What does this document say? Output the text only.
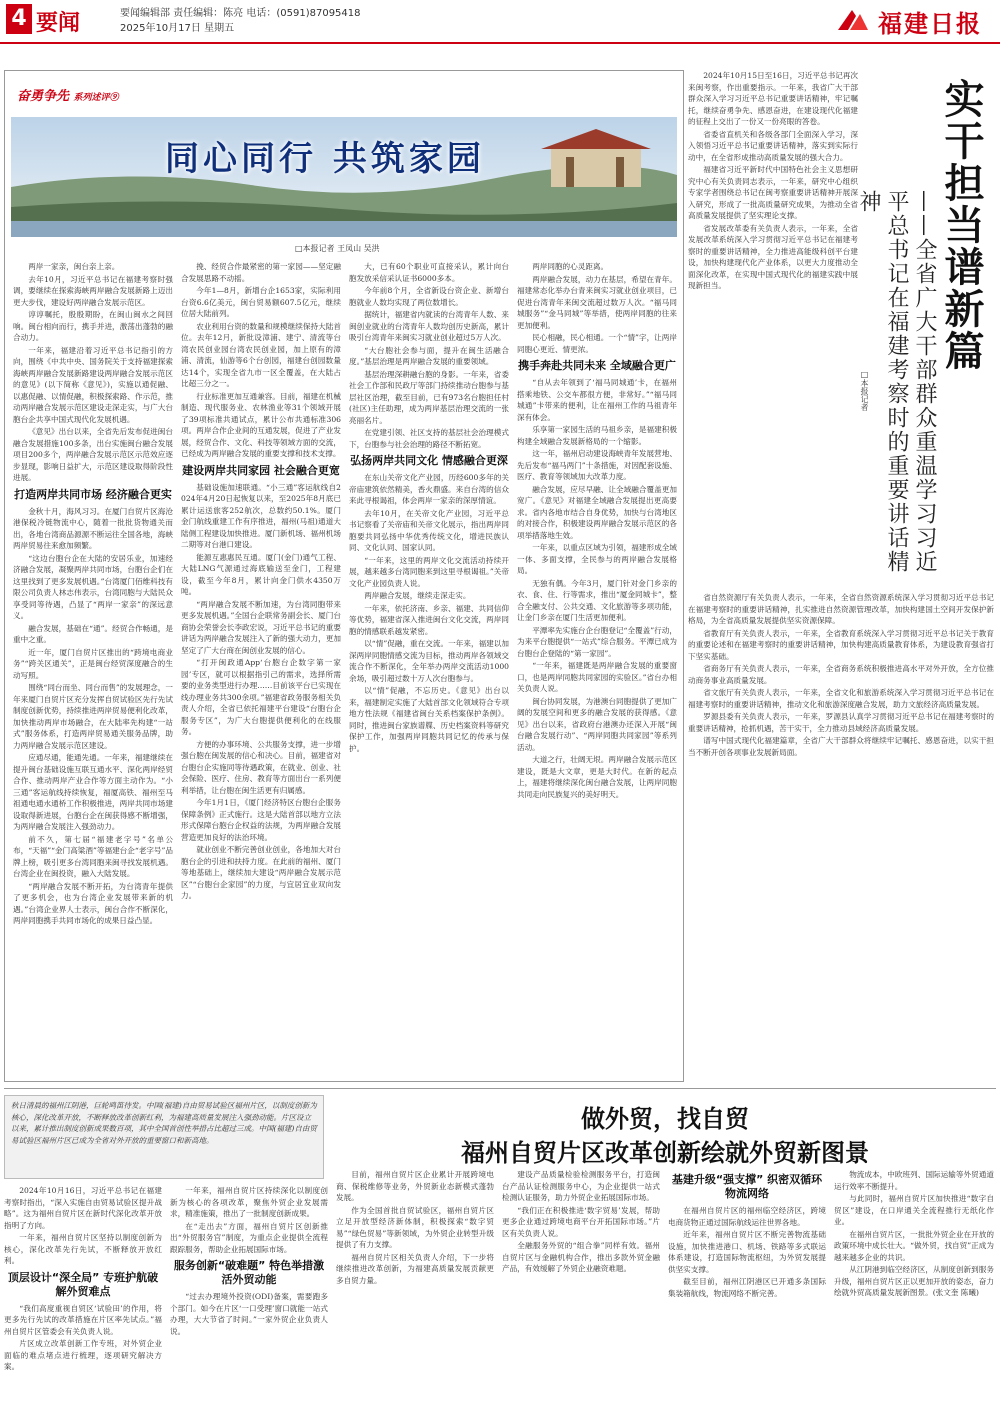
4 要闻	要闻编辑部 责任编辑：陈亮 电话：(0591)87095418
2025年10月17日 星期五	福建日报
奋勇争先 系列述评⑨
同心同行 共筑家园
□本报记者 王凤山 吴洪

两岸一家亲，闽台亲上亲。

去年10月，习近平总书记在福建考察时强调，要继续在探索海峡两岸融合发展新路上迈出更大步伐，建设好两岸融合发展示范区。

谆谆嘱托，殷殷期盼，在闽山闽水之间回响。闽台相向而行，携手并进，激荡出蓬勃的融合动力。

一年来，福建沿着习近平总书记指引的方向，围绕《中共中央、国务院关于支持福建探索海峡两岸融合发展新路建设两岸融合发展示范区的意见》(以下简称《意见》)，实施以通促融、以惠促融、以情促融，积极探索路、作示范，推动两岸融合发展示范区建设走深走实，与广大台胞台企共享中国式现代化发展机遇。

《意见》出台以来，全省先后发布促进闽台融合发展措施100多条，出台实施闽台融合发展项目200多个，两岸融合发展示范区示范效应逐步显现，影响日益扩大，示范区建设取得阶段性进展。

打造两岸共同市场 经济融合更实

金秋十月，海风习习。在厦门自贸片区海沧港保税冷链物流中心，随着一批批货物通关而出，各地台湾商品源源不断运往全国各地，海峡两岸贸易往来愈加频繁。

“这边台胞台企在大陆的安居乐业，加速经济融合发展，凝聚两岸共同市场，台胞台企们在这里找到了更多发展机遇。”台湾厦门佰维科技有限公司负责人林志伟表示，台湾同胞与大陆民众享受同等待遇，凸显了“两岸一家亲”的深远意义。

融合发展，基础在“通”。经贸合作畅通，是重中之重。

近一年，厦门自贸片区推出的“跨境电商业务”“跨关区通关”，正是闽台经贸深度融合的生动写照。

围绕“同台而坐、同台而售”的发展理念，一年来厦门自贸片区充分发挥自贸试验区先行先试制度创新优势，持续推进两岸贸易便利化改革，加快推动两岸市场融合，在大陆率先构建“一站式”服务体系，打造两岸贸易通关服务品牌，助力两岸融合发展示范区建设。

应通尽通，能通先通。一年来，福建继续在提升闽台基础设施互联互通水平、深化两岸经贸合作、推动两岸产业合作等方面主动作为。“小三通”客运航线持续恢复，福厦高铁、福州至马祖通电通水通桥工作积极推进，两岸共同市场建设取得新进展，台胞台企在闽获得感不断增强，为两岸融合发展注入强劲动力。

前不久，第七届“福建老字号”名单公布，“天福”“金门高粱酒”等福建台企“老字号”品牌上榜，吸引更多台湾同胞来闽寻找发展机遇。台湾企业在闽投资，融入大陆发展。

“两岸融合发展不断开拓，为台湾青年提供了更多机会，也为台湾企业发展带来新的机遇。”台湾企业界人士表示，闽台合作不断深化，两岸同胞携手共同市场化的成果日益凸显。

挽、经贸合作最紧密的第一家园——坚定融合发展思路不动摇。

今年1—8月，新增台企1653家，实际利用台资6.6亿美元，闽台贸易额607.5亿元，继续位居大陆前列。

农业利用台资的数量和规模继续保持大陆首位。去年12月，新批设漳浦、建宁、清流等台湾农民创业园台湾农民创业园，加上原有的漳浦、清流，仙游等6个台创园，福建台创园数量达14个，实现全省九市一区全覆盖，在大陆占比超三分之一。

行业标准更加互通兼容。目前，福建在机械制造、现代服务业、农林渔业等31个领域开展了39项标准共通试点，累计公布共通标准306项。两岸合作企业间的互通发展，促进了产业发展，经贸合作、文化、科技等领域方面的交流，已经成为两岸融合发展的重要支撑和技术支撑。

建设两岸共同家园 社会融合更宽

基础设施加速联通。“小三通”客运航线自2024年4月20日起恢复以来，至2025年8月底已累计运送旅客252航次，总数约50.1%。厦门金门航线重建工作有序推进，福州(马祖)通道大陆侧工程建设加快推进。厦门新机场、福州机场二期等对台港口建设。

能源互惠惠民互通。厦门(金门)通气工程、大陆LNG气源通过海底输送至金门，工程建设，截至今年8月，累计向金门供水4350万吨。

“两岸融合发展不断加速，为台湾同胞带来更多发展机遇。”全国台企联常务副会长、厦门台商协会荣誉会长李政宏说，习近平总书记的重要讲话为两岸融合发展注入了新的强大动力，更加坚定了广大台商在闽创业发展的信心。

“打开闽政通App‘台胞台企数字第一家园’专区，就可以根据指引己的需求，选择所需要的业务类型进行办理……目前该平台已实现在线办理业务共300余项。”福建省政务服务相关负责人介绍，全省已依托福建平台建设“台胞台企服务专区”，为广大台胞提供便利化的在线服务。

方便的办事环境、公共服务支撑，进一步增强台胞在闽发展的信心和决心。目前，福建省对台胞台企实施同等待遇政策，在就业、创业、社会保险、医疗、住房、教育等方面出台一系列便利举措，让台胞在闽生活更有归属感。

今年1月1日，《厦门经济特区台胞台企服务保障条例》正式施行。这是大陆首部以地方立法形式保障台胞台企权益的法规，为两岸融合发展营造更加良好的法治环境。

就业创业不断完善创业创业，各地加大对台胞台企的引进和扶持力度。在此前的福州、厦门等地基础上，继续加大建设“两岸融合发展示范区”“台胞台企家园”的力度，与宜居宜业双向发力。

大，已有60个职业可直接采认，累计向台胞发放采信采认证书6000多本。

今年前8个月，全省新设台资企业、新增台胞就业人数均实现了两位数增长。

据统计，福建省内就读的台湾青年人数、来闽创业就业的台湾青年人数均创历史新高，累计吸引台湾青年来闽实习就业创业超过5万人次。

“大台胞社会参与面，提升在闽生活融合度。”基层治理是两岸融合发展的重要领域。

基层治理深耕融台胞的身影。一年来，省委社会工作部和民政厅等部门持续推动台胞参与基层社区治理，截至目前，已有973名台胞担任村(社区)主任助理，成为两岸基层治理交流的一张亮丽名片。

在党建引领、社区支持的基层社会治理模式下，台胞参与社会治理的路径不断拓宽。

弘扬两岸共同文化 情感融合更深

在东山关帝文化产业园，历经600多年的关帝庙建筑依然精美，香火鼎盛。来自台湾的信众来此寻根谒祖，体会两岸一家亲的深厚情谊。

去年10月，在关帝文化产业园，习近平总书记察看了关帝庙和关帝文化展示，指出两岸同胞要共同弘扬中华优秀传统文化，增进民族认同、文化认同、国家认同。

“一年来，这里的两岸文化交流活动持续开展，越来越多台湾同胞来到这里寻根谒祖。”关帝文化产业园负责人说。

两岸融合发展，继续走深走实。

一年来，依托济南、乡亲、福建、共同信仰等优势，福建省深入推进闽台文化交流，两岸同胞的情感联系越发紧密。

以“情”促融，重在交流。一年来，福建以加深两岸同胞情感交流为目标，推动两岸各领域交流合作不断深化，全年举办两岸交流活动1000余场，吸引超过数十万人次台胞参与。

以“情”促融，不忘历史。《意见》出台以来，福建制定实施了大陆首部文化领域符合专项地方性法规《福建省闽台关系档案保护条例》。同时，推进闽台家族谱牒、历史档案资料等研究保护工作，加强两岸同胞共同记忆的传承与保护。

两岸同胞的心灵距离。

两岸融合发展，动力在基层，希望在青年。福建常态化举办台青来闽实习就业创业项目，已促进台湾青年来闽交流超过数万人次。“福马同城服务”“金马同城”等举措，使两岸同胞的往来更加便利。

民心相融，民心相通。一个“情”字，让两岸同胞心更近、情更浓。

携手奔赴共同未来 全域融合更广

“自从去年领到了‘福马同城通’卡，在福州搭乘地铁、公交车都很方便，非常好。”“福马同城通”卡带来的便利，让在福州工作的马祖青年深有体会。

乐享第一家园生活的马祖乡亲，是福建积极构建全域融合发展新格局的一个缩影。

这一年，福州启动建设海峡青年发展营地、先后发布“福马两门”十条措施，对因配套设施、医疗、教育等领域加大改革力度。

融合发展，应尽早融、让全域融合覆盖更加宽广。《意见》对福建全域融合发展提出更高要求。省内各地市结合自身优势，加快与台湾地区的对接合作，积极建设两岸融合发展示范区的各项举措落地生效。

一年来，以重点区域为引领，福建形成全域一体、多面支撑，全民参与的两岸融合发展格局。

无独有偶。今年3月，厦门针对金门乡亲的衣、食、住、行等需求，推出“厦金同城卡”，整合全融支付、公共交通、文化旅游等多项功能，让金门乡亲在厦门生活更加便利。

平潭率先实施台企台胞登记“全覆盖”行动，为来平台胞提供“一站式”综合服务。平潭已成为台胞台企登陆的“第一家园”。

“一年来，福建既是两岸融合发展的重要窗口，也是两岸同胞共同家园的实验区。”省台办相关负责人说。

闽台协同发展，为港澳台同胞提供了更加广阔的发展空间和更多的融合发展的获得感。《意见》出台以来，省政府台港澳办还深入开展“闽台融合发展行动”、“两岸同胞共同家园”等系列活动。

大道之行，壮阔无垠。两岸融合发展示范区建设，既是大文章，更是大时代。在新的起点上，福建将继续深化闽台融合发展，让两岸同胞共同走向民族复兴的美好明天。

2024年10月15日至16日，习近平总书记再次来闽考察，作出重要指示。一年来，我省广大干部群众深入学习习近平总书记重要讲话精神，牢记嘱托，继续奋勇争先、感恩奋进，在建设现代化福建的征程上交出了一份又一份亮眼的答卷。

省委省直机关和各级各部门全面深入学习，深入领悟习近平总书记重要讲话精神，落实到实际行动中，在全省形成推动高质量发展的强大合力。

福建省习近平新时代中国特色社会主义思想研究中心有关负责同志表示，一年来，研究中心组织专家学者围绕总书记在闽考察重要讲话精神开展深入研究，形成了一批高质量研究成果，为推动全省高质量发展提供了坚实理论支撑。

省发展改革委有关负责人表示，一年来，全省发展改革系统深入学习贯彻习近平总书记在福建考察时的重要讲话精神，全力推进高能级科创平台建设，加快构建现代化产业体系，以更大力度推动全面深化改革，在实现中国式现代化的福建实践中展现新担当。	实干担当谱新篇
——全省广大干部群众重温学习习近平总书记在福建考察时的重要讲话精神
□本报记者

省自然资源厅有关负责人表示，一年来，全省自然资源系统深入学习贯彻习近平总书记在福建考察时的重要讲话精神，扎实推进自然资源管理改革，加快构建国土空间开发保护新格局，为全省高质量发展提供坚实资源保障。

省教育厅有关负责人表示，一年来，全省教育系统深入学习贯彻习近平总书记关于教育的重要论述和在福建考察时的重要讲话精神，加快构建高质量教育体系，为建设教育强省打下坚实基础。

省商务厅有关负责人表示，一年来，全省商务系统积极推进高水平对外开放，全方位推动商务事业高质量发展。

省文旅厅有关负责人表示，一年来，全省文化和旅游系统深入学习贯彻习近平总书记在福建考察时的重要讲话精神，推动文化和旅游深度融合发展，助力文旅经济高质量发展。

罗源县委有关负责人表示，一年来，罗源县认真学习贯彻习近平总书记在福建考察时的重要讲话精神，抢抓机遇，苦干实干，全力推动县域经济高质量发展。

谱写中国式现代化福建篇章，全省广大干部群众将继续牢记嘱托、感恩奋进，以实干担当不断开创各项事业发展新局面。

秋日清晨的福州江阴港，巨轮鸣笛待发。中国(福建)自由贸易试验区福州片区，以制度创新为核心，深化改革开放，不断释放改革创新红利，为福建高质量发展注入强劲动能。片区设立以来，累计推出制度创新成果数百项，其中全国首创性举措占比超过三成。中国(福建)自由贸易试验区福州片区已成为全省对外开放的重要窗口和新高地。
做外贸，找自贸
福州自贸片区改革创新绘就外贸新图景

2024年10月16日，习近平总书记在福建考察时指出，“深入实施自由贸易试验区提升战略”。这为福州自贸片区在新时代深化改革开放指明了方向。

一年来，福州自贸片区坚持以制度创新为核心，深化改革先行先试，不断释放开放红利。

顶层设计“深全局” 专班护航破解外贸难点

“我们高度重视自贸区‘试验田’的作用，将更多先行先试的改革措施在片区率先试点。”福州自贸片区管委会有关负责人说。

片区成立改革创新工作专班，对外贸企业面临的难点堵点进行梳理，逐项研究解决方案。

一年来，福州自贸片区持续深化以制度创新为核心的各项改革，聚焦外贸企业发展需求，精准施策，推出了一批制度创新成果。

在“走出去”方面，福州自贸片区创新推出“外贸服务官”制度，为重点企业提供全流程跟踪服务，帮助企业拓展国际市场。

服务创新“破难题” 特色举措激活外贸动能

“过去办理境外投资(ODI)备案，需要跑多个部门。如今在片区‘一口受理’窗口就能一站式办理，大大节省了时间。”一家外贸企业负责人说。

目前，福州自贸片区企业累计开展跨境电商、保税维修等业务，外贸新业态新模式蓬勃发展。

作为全国首批自贸试验区，福州自贸片区立足开放型经济新体制，积极探索“数字贸易”“绿色贸易”等新领域，为外贸企业转型升级提供了有力支撑。

福州自贸片区相关负责人介绍，下一步将继续推进改革创新，为福建高质量发展贡献更多自贸力量。

建设产品质量检验检测服务平台，打造闽台产品认证检测服务中心，为企业提供一站式检测认证服务，助力外贸企业拓展国际市场。

“我们正在积极推进‘数字贸易’发展，帮助更多企业通过跨境电商平台开拓国际市场。”片区有关负责人说。

全融服务外贸的“组合拳”同样有效。福州自贸片区与金融机构合作，推出多款外贸金融产品，有效缓解了外贸企业融资难题。

基建升级“强支撑” 织密双循环物流网络

在福州自贸片区的福州临空经济区，跨境电商货物正通过国际航线运往世界各地。

近年来，福州自贸片区不断完善物流基础设施，加快推进港口、机场、铁路等多式联运体系建设，打造国际物流枢纽，为外贸发展提供坚实支撑。

截至目前，福州江阴港区已开通多条国际集装箱航线，物流网络不断完善。

物流成本，中欧班列、国际运输等外贸通道运行效率不断提升。

与此同时，福州自贸片区加快推进“数字自贸区”建设，在口岸通关全流程推行无纸化作业。

在福州自贸片区，一批批外贸企业在开放的政策环境中成长壮大。“做外贸，找自贸”正成为越来越多企业的共识。

从江阴港到临空经济区，从制度创新到服务升级，福州自贸片区正以更加开放的姿态，奋力绘就外贸高质量发展新图景。(张文奎 陈曦)
